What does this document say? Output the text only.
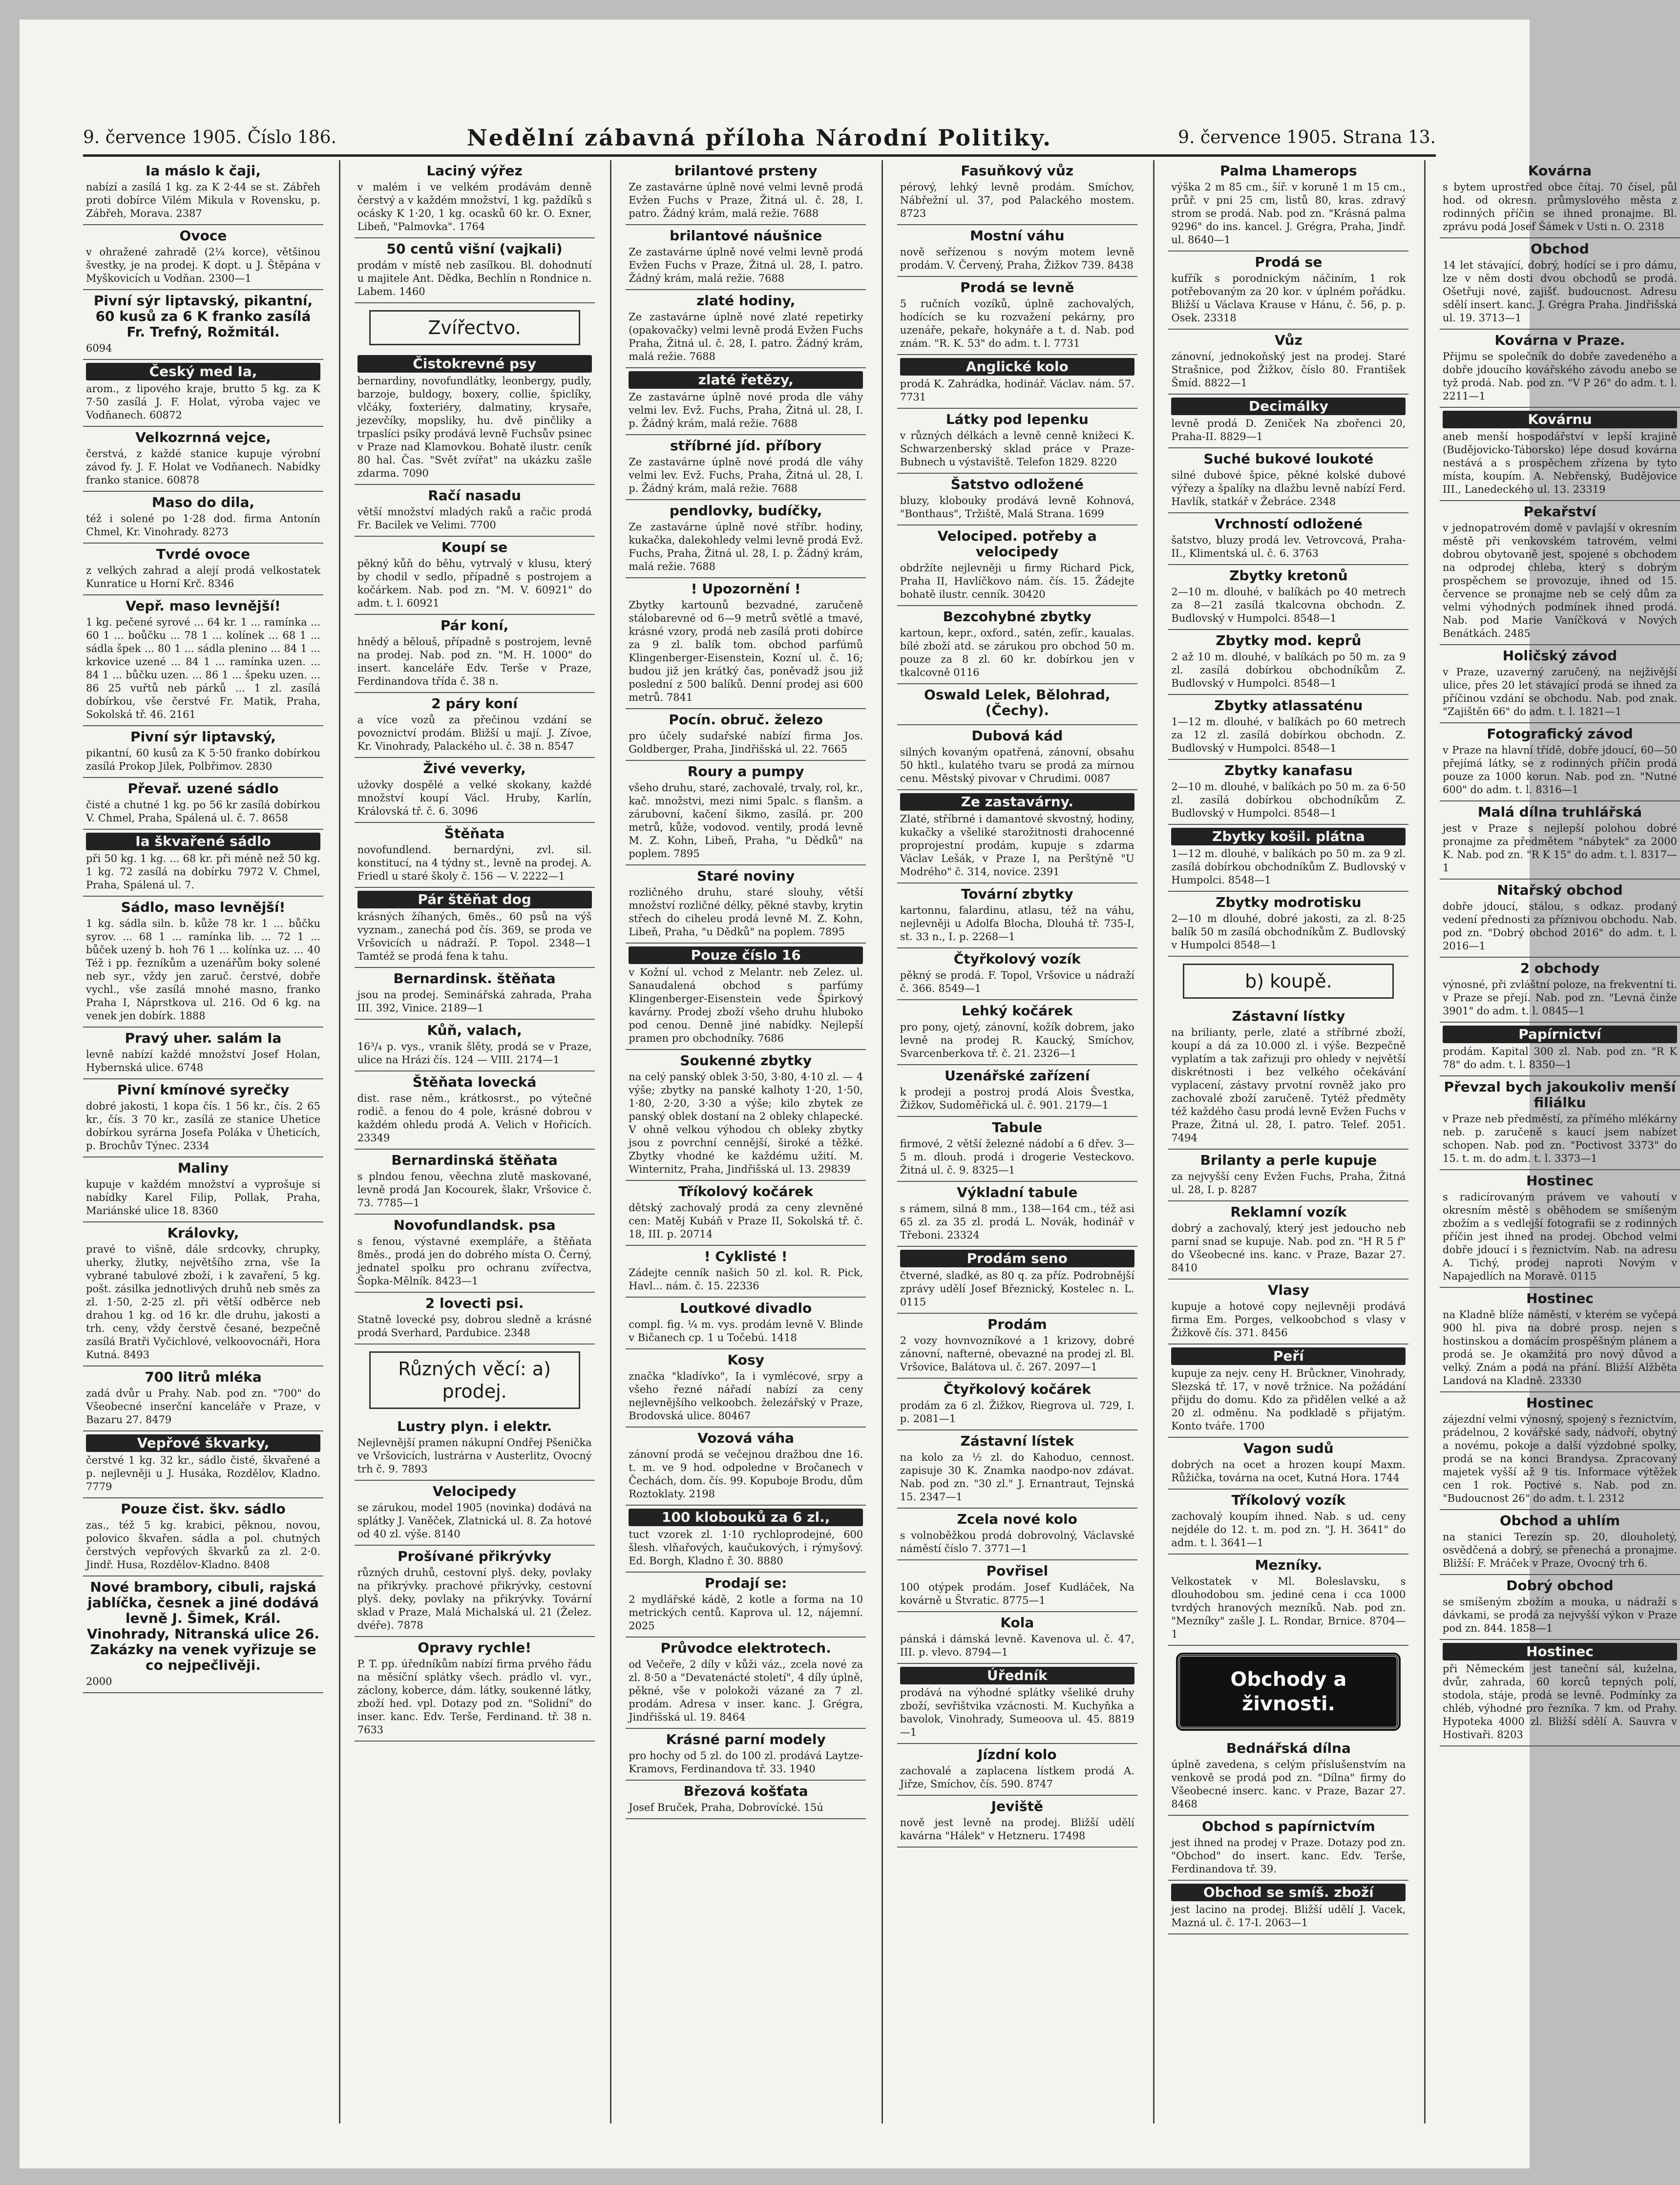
9. července 1905. Číslo 186.	Nedělní zábavná příloha Národní Politiky.	9. července 1905. Strana 13.
Ia máslo k čaji,

nabízí a zasílá 1 kg. za K 2·44 se st. Zábřeh proti dobírce Vilém Mikula v Rovensku, p. Zábřeh, Morava. 2387

Ovoce

v ohražené zahradě (2¼ korce), většinou švestky, je na prodej. K dopt. u J. Štěpána v Myškovicích u Vodňan. 2300—1

Pivní sýr liptavský, pikantní, 60 kusů za 6 K franko zasílá Fr. Trefný, Rožmitál.

6094

Český med Ia,

arom., z lipového kraje, brutto 5 kg. za K 7·50 zasílá J. F. Holat, výroba vajec ve Vodňanech. 60872

Velkozrnná vejce,

čerstvá, z každé stanice kupuje výrobní závod fy. J. F. Holat ve Vodňanech. Nabídky franko stanice. 60878

Maso do dila,

též i solené po 1·28 dod. firma Antonín Chmel, Kr. Vinohrady. 8273

Tvrdé ovoce

z velkých zahrad a alejí prodá velkostatek Kunratice u Horní Krč. 8346

Vepř. maso levnější!

1 kg. pečené syrové ... 64 kr. 1 ... ramínka ... 60 1 ... boůčku ... 78 1 ... kolínek ... 68 1 ... sádla špek ... 80 1 ... sádla plenino ... 84 1 ... krkovice uzené ... 84 1 ... ramínka uzen. ... 84 1 ... bůčku uzen. ... 86 1 ... špeku uzen. ... 86 25 vuřtů neb párků ... 1 zl. zasílá dobírkou, vše čerstvé Fr. Matik, Praha, Sokolská tř. 46. 2161

Pivní sýr liptavský,

pikantní, 60 kusů za K 5·50 franko dobírkou zasílá Prokop Jilek, Polbřimov. 2830

Převař. uzené sádlo

čisté a chutné 1 kg. po 56 kr zasílá dobírkou V. Chmel, Praha, Spálená ul. č. 7. 8658

Ia škvařené sádlo

při 50 kg. 1 kg. ... 68 kr. při méně než 50 kg. 1 kg. 72 zasílá na dobírku 7972 V. Chmel, Praha, Spálená ul. 7.

Sádlo, maso levnější!

1 kg. sádla siln. b. kůže 78 kr. 1 ... bůčku syrov. ... 68 1 ... ramínka lib. ... 72 1 ... bůček uzený b. hoh 76 1 ... kolínka uz. ... 40 Též i pp. řezníkům a uzenářům boky solené neb syr., vždy jen zaruč. čerstvé, dobře vychl., vše zasílá mnohé masno, franko Praha I, Náprstkova ul. 216. Od 6 kg. na venek jen dobírk. 1888

Pravý uher. salám Ia

levně nabízí každé množství Josef Holan, Hybernská ulice. 6748

Pivní kmínové syrečky

dobré jakosti, 1 kopa čís. 1 56 kr., čís. 2 65 kr., čís. 3 70 kr., zasílá ze stanice Uhetice dobírkou syrárna Josefa Poláka v Úheticích, p. Brochův Týnec. 2334

Maliny

kupuje v každém množství a vyprošuje si nabídky Karel Filip, Pollak, Praha, Mariánské ulice 18. 8360

Královky,

pravé to višně, dále srdcovky, chrupky, uherky, žlutky, největšího zrna, vše Ia vybrané tabulové zboží, i k zavaření, 5 kg. pošt. zásilka jednotlivých druhů neb směs za zl. 1·50, 2-25 zl. při větší odběrce neb drahou 1 kg. od 16 kr. dle druhu, jakosti a trh. ceny, vždy čerstvě česané, bezpečně zasílá Bratři Vyčichlové, velkoovocnáři, Hora Kutná. 8493

700 litrů mléka

zadá dvůr u Prahy. Nab. pod zn. "700" do Všeobecné inserční kanceláře v Praze, v Bazaru 27. 8479

Vepřové škvarky,

čerstvé 1 kg. 32 kr., sádlo čisté, škvařené a p. nejlevněji u J. Husáka, Rozdělov, Kladno. 7779

Pouze čist. škv. sádlo

zas., též 5 kg. krabici, pěknou, novou, polovico škvařen. sádla a pol. chutných čerstvých vepřových škvarků za zl. 2·0. Jindř. Husa, Rozdělov-Kladno. 8408

Nové brambory, cibuli, rajská jablíčka, česnek a jiné dodává levně J. Šimek, Král. Vinohrady, Nitranská ulice 26. Zakázky na venek vyřizuje se co nejpečlivěji.

2000

Laciný výřez

v malém i ve velkém prodávám denně čerstvý a v každém množství, 1 kg. paždíků s ocásky K 1·20, 1 kg. ocasků 60 kr. O. Exner, Libeň, "Palmovka". 1764

50 centů višní (vajkali)

prodám v místě neb zasílkou. Bl. dohodnutí u majitele Ant. Dědka, Bechlín n Rondnice n. Labem. 1460

Zvířectvo.
Čistokrevné psy

bernardiny, novofundlátky, leonbergy, pudly, barzoje, buldogy, boxery, collie, špiclíky, vlčáky, foxteriéry, dalmatiny, krysaře, jezevčíky, mopsliky, hu. dvě pinčliky a trpaslíci psíky prodává levně Fuchsův psinec v Praze nad Klamovkou. Bohatě ilustr. ceník 80 hal. Čas. "Svět zvířat" na ukázku zašle zdarma. 7090

Račí nasadu

větší množství mladých raků a račic prodá Fr. Bacilek ve Velimi. 7700

Koupí se

pěkný kůň do běhu, vytrvalý v klusu, který by chodil v sedlo, případně s postrojem a kočárkem. Nab. pod zn. "M. V. 60921" do adm. t. l. 60921

Pár koní,

hnědý a bělouš, případně s postrojem, levně na prodej. Nab. pod zn. "M. H. 1000" do insert. kanceláře Edv. Terše v Praze, Ferdinandova třída č. 38 n.

2 páry koní

a více vozů za přečinou vzdání se povoznictví prodám. Bližší u mají. J. Zívoe, Kr. Vinohrady, Palackého ul. č. 38 n. 8547

Živé veverky,

užovky dospělé a velké skokany, každé množství koupí Václ. Hruby, Karlín, Královská tř. č. 6. 3096

Štěňata

novofundlend. bernardýni, zvl. sil. konstitucí, na 4 týdny st., levně na prodej. A. Friedl u staré školy č. 156 — V. 2222—1

Pár štěňat dog

krásných žíhaných, 6měs., 60 psů na výš vyznam., zanechá pod čís. 369, se proda ve Vršovicích u nádraží. P. Topol. 2348—1 Tamtéž se prodá fena k tahu.

Bernardinsk. štěňata

jsou na prodej. Seminářská zahrada, Praha III. 392, Vinice. 2189—1

Kůň, valach,

16³/₄ p. vys., vranik šlěty, prodá se v Praze, ulice na Hrázi čís. 124 — VIII. 2174—1

Štěňata lovecká

dist. rase něm., krátkosrst., po výtečné rodič. a fenou do 4 pole, krásné dobrou v každém ohledu prodá A. Velich v Hořicích. 23349

Bernardinská štěňata

s plndou fenou, věechna zlutě maskované, levně prodá Jan Kocourek, šlakr, Vršovice č. 73. 7785—1

Novofundlandsk. psa

s fenou, výstavné exempláře, a štěňata 8měs., prodá jen do dobrého místa O. Černý, jednatel spolku pro ochranu zvířectva, Šopka-Mělník. 8423—1

2 lovecti psi.

Statně lovecké psy, dobrou sledně a krásné prodá Sverhard, Pardubice. 2348

Různých věcí: a) prodej.
Lustry plyn. i elektr.

Nejlevnější pramen nákupní Ondřej Pšenička ve Vršovicích, lustrárna v Austerlitz, Ovocný trh č. 9. 7893

Velocipedy

se zárukou, model 1905 (novinka) dodává na splátky J. Vaněček, Zlatnická ul. 8. Za hotové od 40 zl. výše. 8140

Prošívané přikrývky

různých druhů, cestovní plyš. deky, povlaky na přikrývky. prachové přikrývky, cestovní plyš. deky, povlaky na přikrývky. Tovární sklad v Praze, Malá Michalská ul. 21 (Želez. dvéře). 7878

Opravy rychle!

P. T. pp. úředníkům nabízí firma prvého řádu na měsíční splátky všech. prádlo vl. vyr., záclony, koberce, dám. látky, soukenné látky, zboží hed. vpl. Dotazy pod zn. "Solidní" do inser. kanc. Edv. Terše, Ferdinand. tř. 38 n. 7633

brilantové prsteny

Ze zastavárne úplně nové velmi levně prodá Evžen Fuchs v Praze, Žitná ul. č. 28, I. patro. Žádný krám, malá režie. 7688

brilantové náušnice

Ze zastavárne úplně nové velmi levně prodá Evžen Fuchs v Praze, Žitná ul. 28, I. patro. Žádný krám, malá režie. 7688

zlaté hodiny,

Ze zastavárne úplně nové zlaté repetirky (opakovačky) velmi levně prodá Evžen Fuchs Praha, Žitná ul. č. 28, I. patro. Žádný krám, malá režie. 7688

zlaté řetězy,

Ze zastavárne úplně nové proda dle váhy velmi lev. Evž. Fuchs, Praha, Žitná ul. 28, I. p. Žádný krám, malá režie. 7688

stříbrné jíd. příbory

Ze zastavárne úplně nové prodá dle váhy velmi lev. Evž. Fuchs, Praha, Žitná ul. 28, I. p. Žádný krám, malá režie. 7688

pendlovky, budíčky,

Ze zastavárne úplně nové stříbr. hodiny, kukačka, dalekohledy velmi levně prodá Evž. Fuchs, Praha, Žitná ul. 28, I. p. Žádný krám, malá režie. 7688

! Upozornění !

Zbytky kartounů bezvadné, zaručeně stálobarevné od 6—9 metrů světlé a tmavé, krásné vzory, prodá neb zasílá proti dobírce za 9 zl. balík tom. obchod parfúmů Klingenberger-Eisenstein, Kozní ul. č. 16; budou již jen krátký čas, poněvadž jsou již poslední z 500 balíků. Denní prodej asi 600 metrů. 7841

Pocín. obruč. železo

pro účely sudařské nabízí firma Jos. Goldberger, Praha, Jindřišská ul. 22. 7665

Roury a pumpy

všeho druhu, staré, zachovalé, trvaly, rol, kr., kač. množstvi, mezi nimi 5palc. s flanšm. a zárubovní, kačení šikmo, zasílá. pr. 200 metrů, kůže, vodovod. ventily, prodá levně M. Z. Kohn, Libeň, Praha, "u Dědků" na poplem. 7895

Staré noviny

rozličného druhu, staré slouhy, větší množství rozličné délky, pěkné stavby, krytin střech do ciheleu prodá levně M. Z. Kohn, Libeň, Praha, "u Dědků" na poplem. 7895

Pouze číslo 16

v Kožní ul. vchod z Melantr. neb Zelez. ul. Sanaudalená obchod s parfúmy Klingenberger-Eisenstein vede Špirkový kavárny. Prodej zboží všeho druhu hluboko pod cenou. Denně jiné nabídky. Nejlepší pramen pro obchodníky. 7686

Soukenné zbytky

na celý panský oblek 3·50, 3·80, 4·10 zl. — 4 výše; zbytky na panské kalhoty 1·20, 1·50, 1·80, 2·20, 3·30 a výše; kilo zbytek ze panský oblek dostaní na 2 obleky chlapecké. V ohně velkou výhodou ch obleky zbytky jsou z povrchní cennější, široké a těžké. Zbytky vhodné ke každému užití. M. Winternitz, Praha, Jindřišská ul. 13. 29839

Tříkolový kočárek

dětský zachovalý prodá za ceny zlevněné cen: Matěj Kubáň v Praze II, Sokolská tř. č. 18, III. p. 20714

! Cyklisté !

Zádejte cenník našich 50 zl. kol. R. Pick, Havl... nám. č. 15. 22336

Loutkové divadlo

compl. fig. ¼ m. vys. prodám levně V. Blinde v Bičanech cp. 1 u Točebú. 1418

Kosy

značka "kladívko", Ia i vymlécové, srpy a všeho řezné nářadí nabízí za ceny nejlevnějšího velkoobch. železářský v Praze, Brodovská ulice. 80467

Vozová váha

zánovní prodá se večejnou dražbou dne 16. t. m. ve 9 hod. odpoledne v Bročanech v Čechách, dom. čís. 99. Kopuboje Brodu, dům Roztoklaty. 2198

100 klobouků za 6 zl.,

tuct vzorek zl. 1·10 rychloprodejné, 600 šlesh. vlňařových, kaučukových, i rýmyšový. Ed. Borgh, Kladno ř. 30. 8880

Prodají se:

2 mydlářské kádě, 2 kotle a forma na 10 metrických centů. Kaprova ul. 12, nájemní. 2025

Průvodce elektrotech.

od Večeře, 2 díly v kůži váz., zcela nové za zl. 8·50 a "Devatenácté století", 4 díly úplně, pěkné, vše v polokoži vázané za 7 zl. prodám. Adresa v inser. kanc. J. Grégra, Jindřišská ul. 19. 8464

Krásné parní modely

pro hochy od 5 zl. do 100 zl. prodává Laytze-Kramovs, Ferdinandova tř. 33. 1940

Březová košťata

Josef Bruček, Praha, Dobrovícké. 15ú

Fasuňkový vůz

pérový, lehký levně prodám. Smíchov, Nábřežní ul. 37, pod Palackého mostem. 8723

Mostní váhu

nově seřízenou s novým motem levně prodám. V. Červený, Praha, Žižkov 739. 8438

Prodá se levně

5 ručních vozíků, úplně zachovalých, hodících se ku rozvažení pekárny, pro uzenáře, pekaře, hokynáře a t. d. Nab. pod znám. "R. K. 53" do adm. t. l. 7731

Anglické kolo

prodá K. Zahrádka, hodinář. Václav. nám. 57. 7731

Látky pod lepenku

v různých délkách a levně cenně knižeci K. Schwarzenberský sklad práce v Praze-Bubnech u výstaviště. Telefon 1829. 8220

Šatstvo odložené

bluzy, klobouky prodává levně Kohnová, "Bonthaus", Tržiště, Malá Strana. 1699

Velociped. potřeby a velocipedy

obdržíte nejlevněji u firmy Richard Pick, Praha II, Havlíčkovo nám. čís. 15. Žádejte bohatě ilustr. cenník. 30420

Bezcohybné zbytky

kartoun, kepr., oxford., satén, zefír., kaualas. bílé zboží atd. se zárukou pro obchod 50 m. pouze za 8 zl. 60 kr. dobírkou jen v tkalcovně 0116

Oswald Lelek, Bělohrad, (Čechy).
Dubová kád

silných kovaným opatřená, zánovní, obsahu 50 hktl., kulatého tvaru se prodá za mírnou cenu. Městský pivovar v Chrudimi. 0087

Ze zastavárny.

Zlaté, stříbrné i damantové skvostný, hodiny, kukačky a všeliké starožitnosti drahocenné proprojestní prodám, kupuje s zdarma Václav Lešák, v Praze I, na Perštýně "U Modrého" č. 314, novice. 2391

Tovární zbytky

kartonnu, falardinu, atlasu, též na váhu, nejlevněji u Adolfa Blocha, Dlouhá tř. 735-I, st. 33 n., I. p. 2268—1

Čtyřkolový vozík

pěkný se prodá. F. Topol, Vršovice u nádraží č. 366. 8549—1

Lehký kočárek

pro pony, ojetý, zánovní, kožík dobrem, jako levně na prodej R. Kaucký, Smíchov, Svarcenberkova tř. č. 21. 2326—1

Uzenářské zařízení

k prodeji a postroj prodá Alois Švestka, Žižkov, Sudoměřická ul. č. 901. 2179—1

Tabule

firmové, 2 větší železné nádobí a 6 dřev. 3—5 m. dlouh. prodá i drogerie Vesteckovo. Žitná ul. č. 9. 8325—1

Výkladní tabule

s rámem, silná 8 mm., 138—164 cm., též asi 65 zl. za 35 zl. prodá L. Novák, hodinář v Třeboni. 23324

Prodám seno

čtverné, sladké, as 80 q. za příz. Podrobnější zprávy udělí Josef Březnický, Kostelec n. L. 0115

Prodám

2 vozy hovnvozníkové a 1 krizovy, dobré zánovní, nafterné, obevazné na prodej zl. Bl. Vršovice, Balátova ul. č. 267. 2097—1

Čtyřkolový kočárek

prodám za 6 zl. Žižkov, Riegrova ul. 729, I. p. 2081—1

Zástavní lístek

na kolo za ½ zl. do Kahoduo, cennost. zapisuje 30 K. Znamka naodpo-nov zdávat. Nab. pod zn. "30 zl." J. Ernantraut, Tejnská 15. 2347—1

Zcela nové kolo

s volnoběžkou prodá dobrovolný, Václavské náměstí číslo 7. 3771—1

Povřisel

100 otýpek prodám. Josef Kudláček, Na kovárně u Štvratic. 8775—1

Kola

pánská i dámská levně. Kavenova ul. č. 47, III. p. vlevo. 8794—1

Úředník

prodává na výhodné splátky všeliké druhy zboží, sevřištvika vzácnosti. M. Kuchyňka a bavolok, Vinohrady, Sumeoova ul. 45. 8819—1

Jízdní kolo

zachovalé a zaplacena lístkem prodá A. Jiřze, Smíchov, čís. 590. 8747

Jeviště

nově jest levně na prodej. Bližší udělí kavárna "Hálek" v Hetzneru. 17498

Palma Lhamerops

výška 2 m 85 cm., šíř. v koruně 1 m 15 cm., průř. v pni 25 cm, listů 80, kras. zdravý strom se prodá. Nab. pod zn. "Krásná palma 9296" do ins. kancel. J. Grégra, Praha, Jindř. ul. 8640—1

Prodá se

kufřík s porodnickým náčiním, 1 rok potřebovaným za 20 kor. v úplném pořádku. Bližší u Václava Krause v Hánu, č. 56, p. p. Osek. 23318

Vůz

zánovní, jednokoňský jest na prodej. Staré Strašnice, pod Žižkov, číslo 80. František Šmíd. 8822—1

Decimálky

levně prodá D. Zeniček Na zbořenci 20, Praha-II. 8829—1

Suché bukové loukoté

silné dubové špice, pěkné kolské dubové výřezy a špalíky na dlažbu levně nabízí Ferd. Havlík, statkář v Žebráce. 2348

Vrchností odložené

šatstvo, bluzy prodá lev. Vetrovcová, Praha-II., Klimentská ul. č. 6. 3763

Zbytky kretonů

2—10 m. dlouhé, v balíkách po 40 metrech za 8—21 zasílá tkalcovna obchodn. Z. Budlovský v Humpolci. 8548—1

Zbytky mod. keprů

2 až 10 m. dlouhé, v balíkách po 50 m. za 9 zl. zasílá dobírkou obchodníkům Z. Budlovský v Humpolci. 8548—1

Zbytky atlassaténu

1—12 m. dlouhé, v balíkách po 60 metrech za 12 zl. zasílá dobírkou obchodn. Z. Budlovský v Humpolci. 8548—1

Zbytky kanafasu

2—10 m. dlouhé, v balíkách po 50 m. za 6·50 zl. zasílá dobírkou obchodníkům Z. Budlovský v Humpolci. 8548—1

Zbytky košil. plátna

1—12 m. dlouhé, v balíkách po 50 m. za 9 zl. zasílá dobírkou obchodníkům Z. Budlovský v Humpolci. 8548—1

Zbytky modrotisku

2—10 m dlouhé, dobré jakosti, za zl. 8·25 balík 50 m zasílá obchodníkům Z. Budlovský v Humpolci 8548—1

b) koupě.
Zástavní lístky

na brilianty, perle, zlaté a stříbrné zboží, koupí a dá za 10.000 zl. i výše. Bezpečně vyplatím a tak zařizuji pro ohledy v největší diskrétnosti i bez velkého očekávání vyplacení, zástavy prvotní rovněž jako pro zachovalé zboží zaručeně. Tytéž předměty též každého času prodá levně Evžen Fuchs v Praze, Žitná ul. 28, I. patro. Telef. 2051. 7494

Brilanty a perle kupuje

za nejvyšší ceny Evžen Fuchs, Praha, Žitná ul. 28, I. p. 8287

Reklamní vozík

dobrý a zachovalý, který jest jedoucho neb parní snad se kupuje. Nab. pod zn. "H R 5 f" do Všeobecné ins. kanc. v Praze, Bazar 27. 8410

Vlasy

kupuje a hotové copy nejlevněji prodává firma Em. Porges, velkoobchod s vlasy v Žižkově čís. 371. 8456

Peří

kupuje za nejv. ceny H. Brůckner, Vinohrady, Slezská tř. 17, v nově tržnice. Na požádání přijdu do domu. Kdo za přidělen velké a až 20 zl. odměnu. Na podkladě s přijatým. Konto tváře. 1700

Vagon sudů

dobrých na ocet a hrozen koupí Maxm. Růžička, továrna na ocet, Kutná Hora. 1744

Tříkolový vozík

zachovalý koupím ihned. Nab. s ud. ceny nejdéle do 12. t. m. pod zn. "J. H. 3641" do adm. t. l. 3641—1

Mezníky.

Velkostatek v Ml. Boleslavsku, s dlouhodobou sm. jediné cena i cca 1000 tvrdých hranových mezníků. Nab. pod zn. "Mezníky" zašle J. L. Rondar, Brnice. 8704—1

Obchody a živnosti.
Bednářská dílna

úplně zavedena, s celým příslušenstvím na venkově se prodá pod zn. "Dílna" firmy do Všeobecné inserc. kanc. v Praze, Bazar 27. 8468

Obchod s papírnictvím

jest ihned na prodej v Praze. Dotazy pod zn. "Obchod" do insert. kanc. Edv. Terše, Ferdinandova tř. 39.

Obchod se smíš. zboží

jest lacino na prodej. Bližší udělí J. Vacek, Mazná ul. č. 17-I. 2063—1

Kovárna

s bytem uprostřed obce čítaj. 70 čísel, půl hod. od okresn. průmyslového města z rodinných příčin se ihned pronajme. Bl. zprávu podá Josef Šámek v Usti n. O. 2318

Obchod

14 let stávající, dobrý, hodící se i pro dámu, lze v něm dosti dvou obchodů se prodá. Ošetřuji nové, zajišť. budoucnost. Adresu sdělí insert. kanc. J. Grégra Praha. Jindřišská ul. 19. 3713—1

Kovárna v Praze.

Přijmu se společník do dobře zavedeného a dobře jdoucího kovářského závodu anebo se tyž prodá. Nab. pod zn. "V P 26" do adm. t. l. 2211—1

Kovárnu

aneb menší hospodářství v lepší krajině (Budějovicko-Táborsko) lépe dosud kovárna nestává a s prospěchem zřízena by tyto místa, koupím. A. Nebřenský, Budějovice III., Lanedeckého ul. 13. 23319

Pekařství

v jednopatrovém domě v pavlajší v okresním městě při venkovském tatrovém, velmi dobrou obytovaně jest, spojené s obchodem na odprodej chleba, který s dobrým prospěchem se provozuje, ihned od 15. července se pronajme neb se celý dům za velmi výhodných podmínek ihned prodá. Nab. pod Marie Vaníčková v Nových Benátkách. 2485

Holičský závod

v Praze, uzaverný zaručený, na nejživější ulice, přes 20 let stávající prodá se ihned za příčinou vzdání se obchodu. Nab. pod znak. "Zajištěn 66" do adm. t. l. 1821—1

Fotografický závod

v Praze na hlavní třídě, dobře jdoucí, 60—50 přejímá látky, se z rodinných příčin prodá pouze za 1000 korun. Nab. pod zn. "Nutné 600" do adm. t. l. 8316—1

Malá dílna truhlářská

jest v Praze s nejlepší polohou dobré pronajme za předmětem "nábytek" za 2000 K. Nab. pod zn. "R K 15" do adm. t. l. 8317—1

Nitařský obchod

dobře jdoucí, stálou, s odkaz. prodaný vedení přednosti za příznivou obchodu. Nab. pod zn. "Dobrý obchod 2016" do adm. t. l. 2016—1

2 obchody

výnosné, při zvláštní poloze, na frekventní ti. v Praze se přejí. Nab. pod zn. "Levná činže 3901" do adm. t. l. 0845—1

Papírnictví

prodám. Kapital 300 zl. Nab. pod zn. "R K 78" do adm. t. l. 8350—1

Převzal bych jakoukoliv menší filiálku

v Praze neb předměstí, za přímého mlékárny neb. p. zaručeně s kaucí jsem nabízet schopen. Nab. pod zn. "Poctivost 3373" do 15. t. m. do adm. t. l. 3373—1

Hostinec

s radicírovaným právem ve vahoutí v okresním městě s oběhodem se smíšeným zbožím a s vedlejší fotografii se z rodinných příčin jest ihned na prodej. Obchod velmi dobře jdoucí i s řeznictvím. Nab. na adresu A. Tichý, prodej naproti Novým v Napajedlích na Moravě. 0115

Hostinec

na Kladně blíže náměstí, v kterém se vyčepá 900 hl. piva na dobré prosp. nejen s hostinskou a domácím prospěšným plánem a prodá se. Je okamžitá pro nový důvod a velký. Znám a podá na přání. Bližší Alžběta Landová na Kladně. 23330

Hostinec

zájezdní velmi výnosný, spojený s řeznictvím, prádelnou, 2 kovářské sady, nádvoří, obytný a novému, pokoje a další výzdobné spolky, prodá se na konci Brandysa. Zpracovaný majetek vyšší až 9 tis. Informace výtěžek cen 1 rok. Poctivé s. Nab. pod zn. "Budoucnost 26" do adm. t. l. 2312

Obchod a uhlím

na stanici Terezín sp. 20, dlouholetý, osvědčená a dobrý, se přenechá a pronajme. Bližší: F. Mráček v Praze, Ovocný trh 6.

Dobrý obchod

se smíšeným zbožím a mouka, u nádraží s dávkami, se prodá za nejvyšší výkon v Praze pod zn. 844. 1858—1

Hostinec

při Německém jest taneční sál, kuželna, dvůr, zahrada, 60 korců tepných polí, stodola, stáje, prodá se levně. Podmínky za chléb, výhodné pro řezníka. 7 km. od Prahy. Hypoteka 4000 zl. Bližší sdělí A. Sauvra v Hostivaři. 8203
